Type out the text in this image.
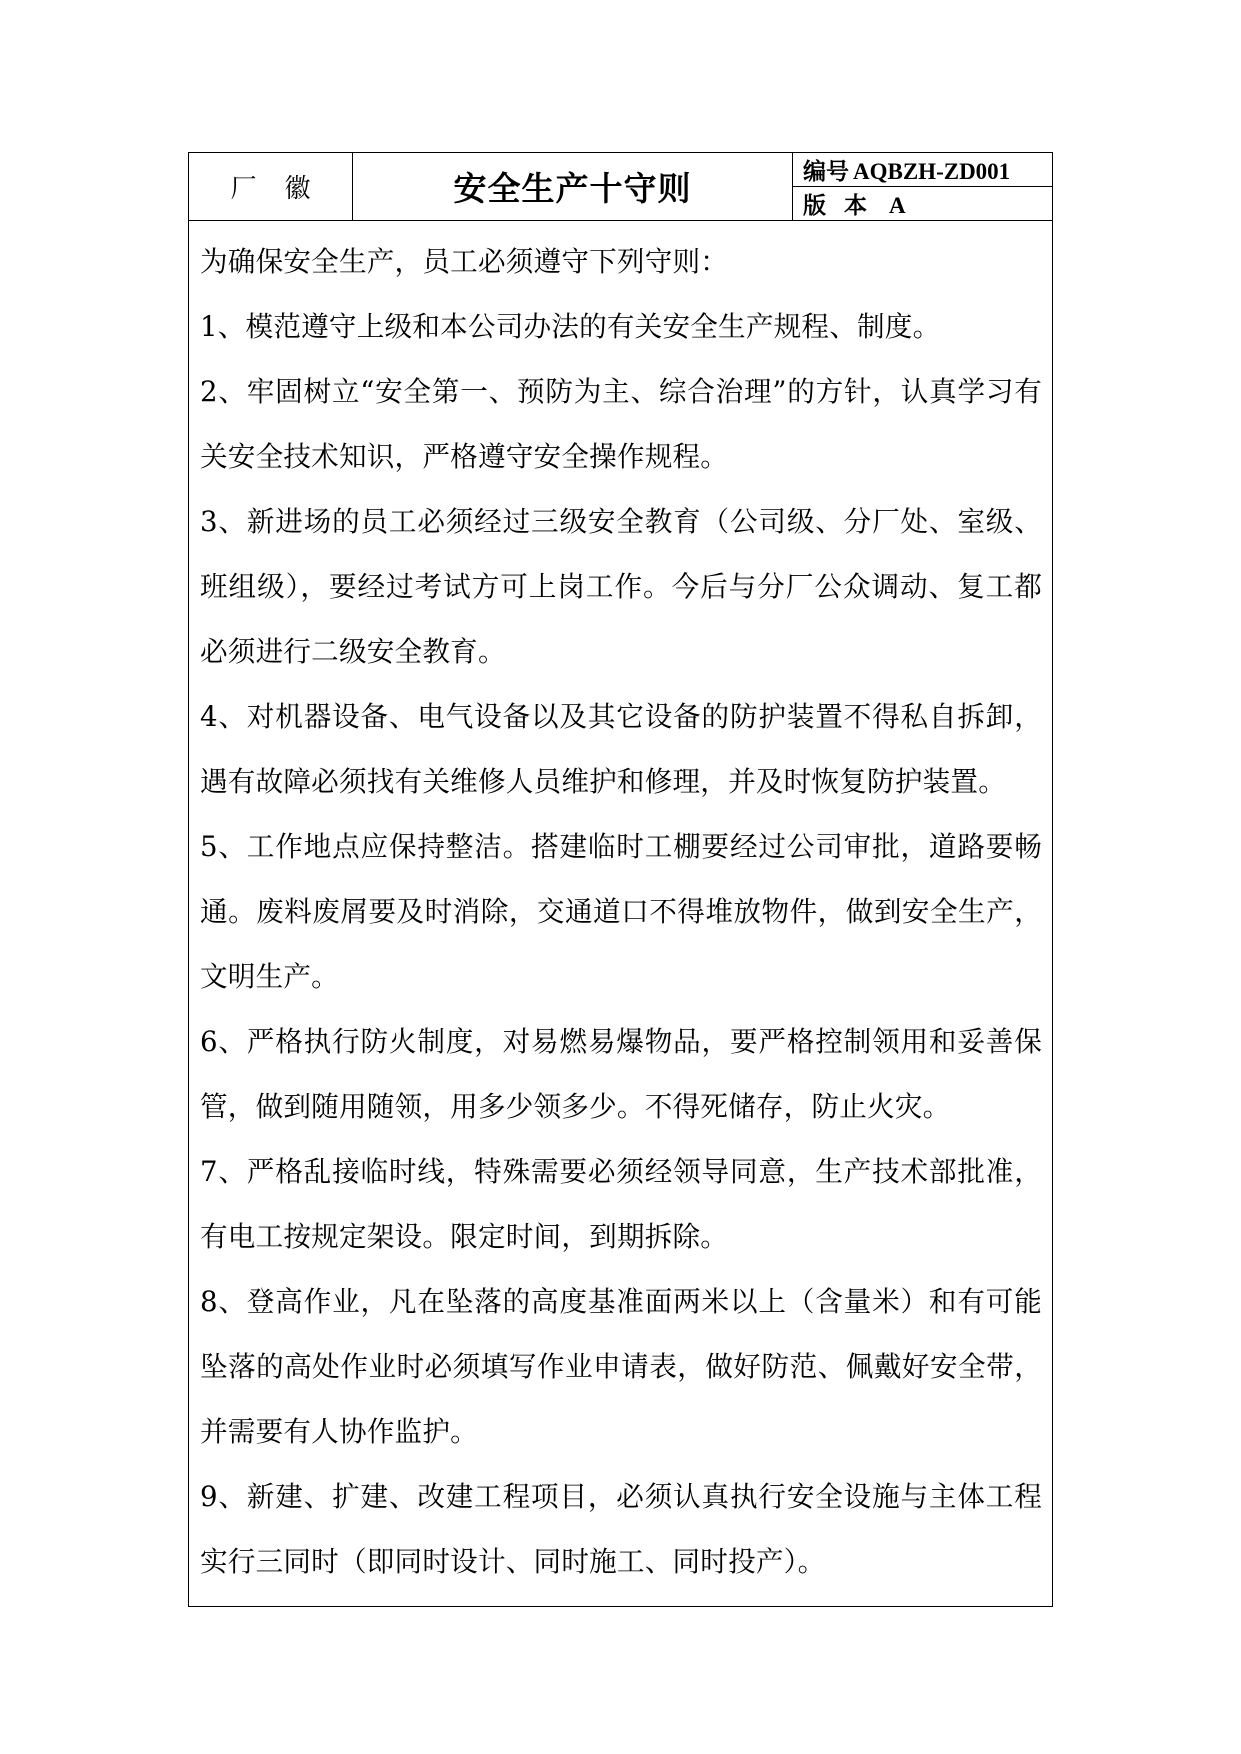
厂徽	安全生产十守则	编号 AQBZH-ZD001
版本 A

为确保安全生产，员工必须遵守下列守则：

1、模范遵守上级和本公司办法的有关安全生产规程、制度。

2、牢固树立“安全第一、预防为主、综合治理”的方针，认真学习有关安全技术知识，严格遵守安全操作规程。

3、新进场的员工必须经过三级安全教育（公司级、分厂处、室级、班组级），要经过考试方可上岗工作。今后与分厂公众调动、复工都必须进行二级安全教育。

4、对机器设备、电气设备以及其它设备的防护装置不得私自拆卸，遇有故障必须找有关维修人员维护和修理，并及时恢复防护装置。

5、工作地点应保持整洁。搭建临时工棚要经过公司审批，道路要畅通。废料废屑要及时消除，交通道口不得堆放物件，做到安全生产，文明生产。

6、严格执行防火制度，对易燃易爆物品，要严格控制领用和妥善保管，做到随用随领，用多少领多少。不得死储存，防止火灾。

7、严格乱接临时线，特殊需要必须经领导同意，生产技术部批准，有电工按规定架设。限定时间，到期拆除。

8、登高作业，凡在坠落的高度基准面两米以上（含量米）和有可能坠落的高处作业时必须填写作业申请表，做好防范、佩戴好安全带，并需要有人协作监护。

9、新建、扩建、改建工程项目，必须认真执行安全设施与主体工程实行三同时（即同时设计、同时施工、同时投产）。
